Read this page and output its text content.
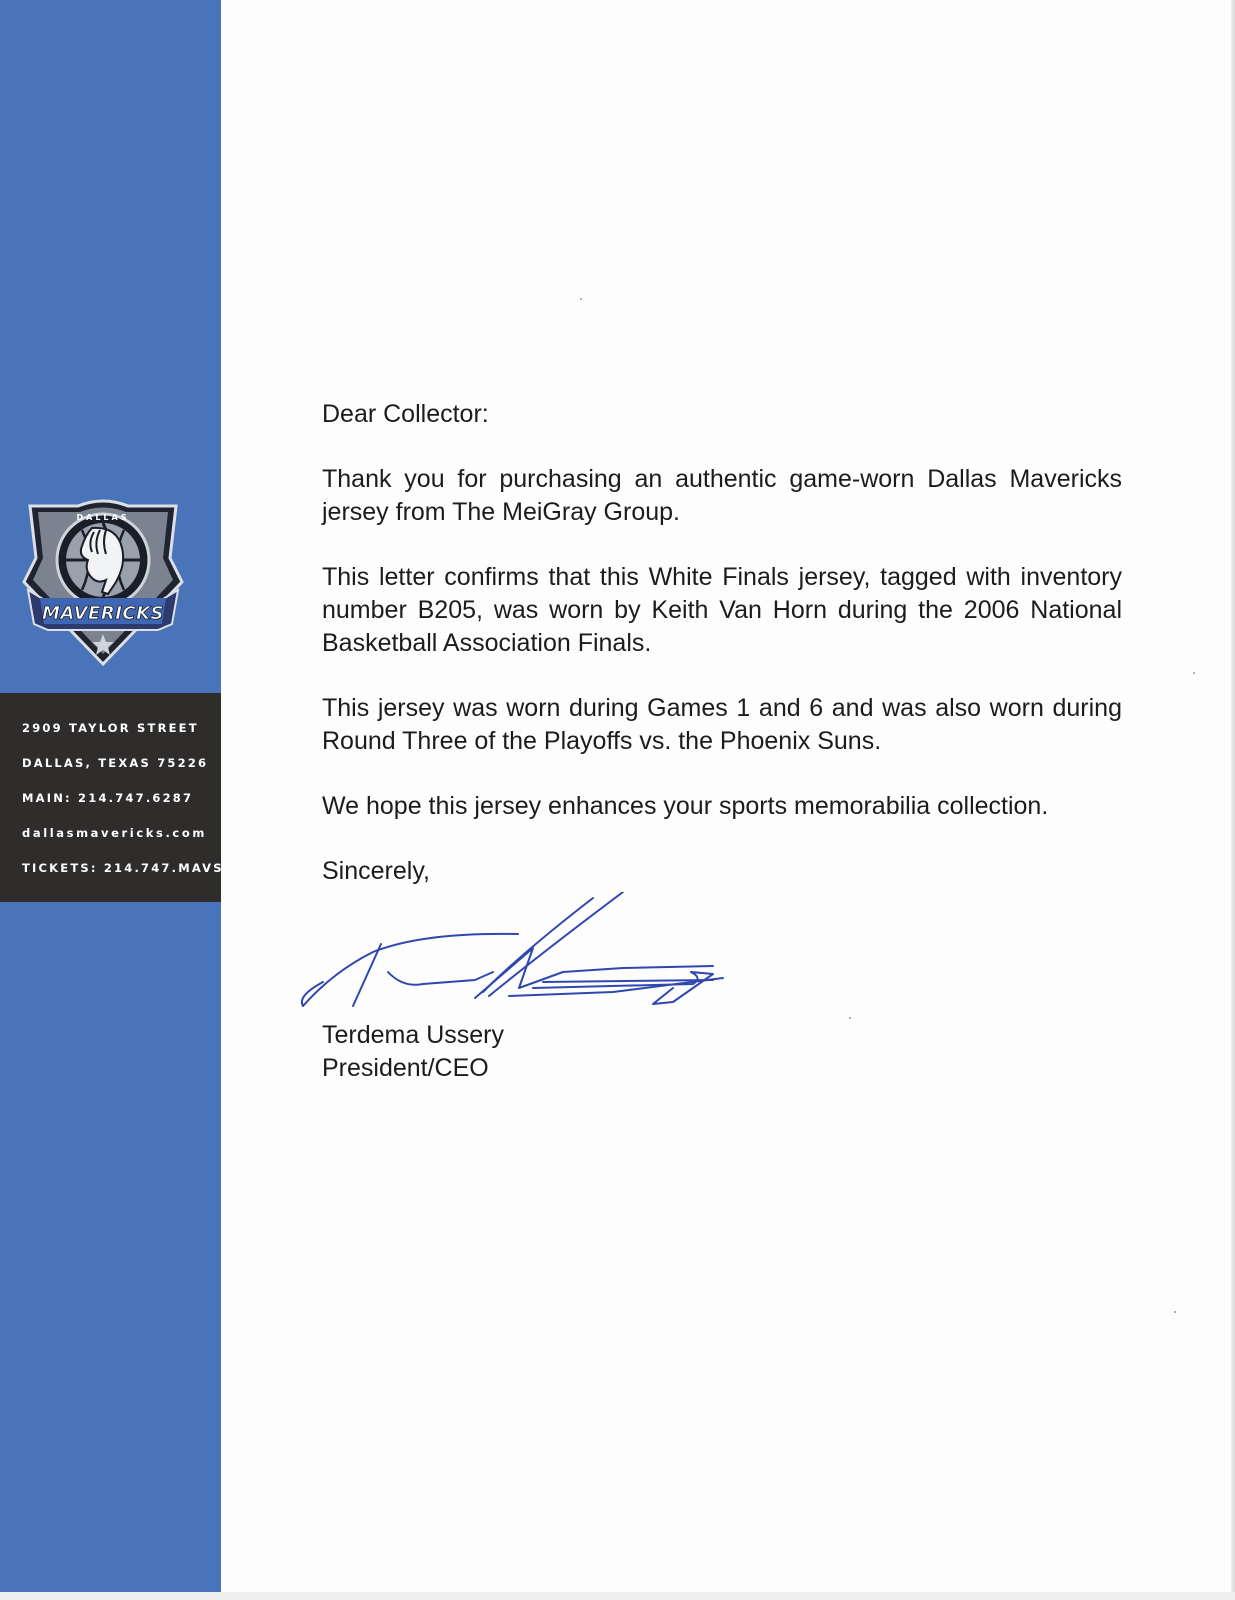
DALLAS
MAVERICKS
2909 TAYLOR STREET
DALLAS, TEXAS 75226
MAIN: 214.747.6287
dallasmavericks.com
TICKETS: 214.747.MAVS

Dear Collector:

Thank you for purchasing an authentic game-worn Dallas Mavericks jersey from The MeiGray Group.

This letter confirms that this White Finals jersey, tagged with inventory number B205, was worn by Keith Van Horn during the 2006 National Basketball Association Finals.

This jersey was worn during Games 1 and 6 and was also worn during Round Three of the Playoffs vs. the Phoenix Suns.

We hope this jersey enhances your sports memorabilia collection.

Sincerely,

Terdema Ussery
President/CEO
